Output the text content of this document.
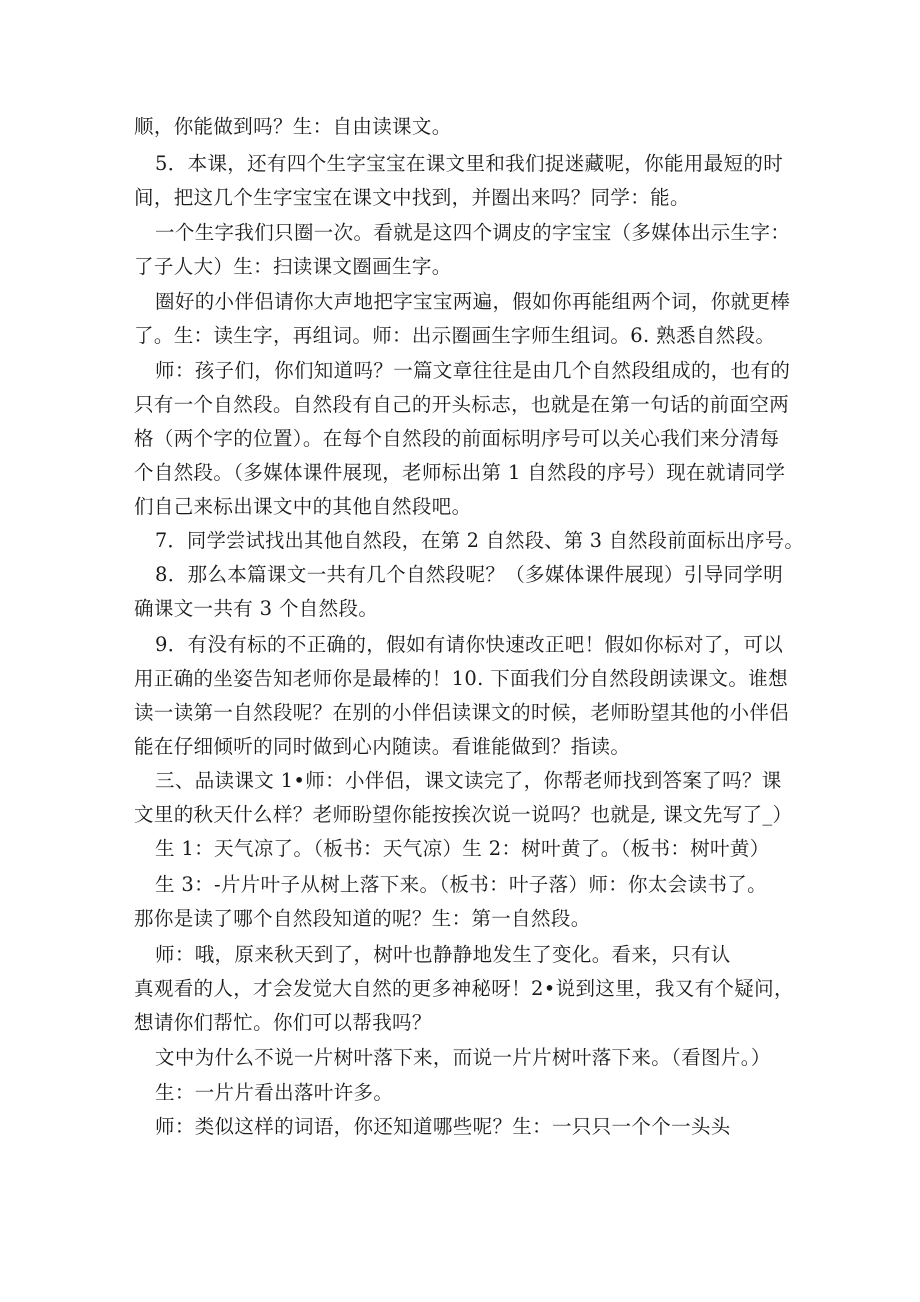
顺，你能做到吗？生：自由读课文。
5．本课，还有四个生字宝宝在课文里和我们捉迷藏呢，你能用最短的时
间，把这几个生字宝宝在课文中找到，并圈出来吗？同学：能。
一个生字我们只圈一次。看就是这四个调皮的字宝宝（多媒体出示生字：
了子人大）生：扫读课文圈画生字。
圈好的小伴侣请你大声地把字宝宝两遍，假如你再能组两个词，你就更棒
了。生：读生字，再组词。师：出示圈画生字师生组词。6. 熟悉自然段。
师：孩子们，你们知道吗？一篇文章往往是由几个自然段组成的，也有的
只有一个自然段。自然段有自己的开头标志，也就是在第一句话的前面空两
格（两个字的位置）。在每个自然段的前面标明序号可以关心我们来分清每
个自然段。（多媒体课件展现，老师标出第 1 自然段的序号）现在就请同学
们自己来标出课文中的其他自然段吧。
7．同学尝试找出其他自然段，在第 2 自然段、第 3 自然段前面标出序号。
8．那么本篇课文一共有几个自然段呢？（多媒体课件展现）引导同学明
确课文一共有 3 个自然段。
9．有没有标的不正确的，假如有请你快速改正吧！假如你标对了，可以
用正确的坐姿告知老师你是最棒的！10. 下面我们分自然段朗读课文。谁想
读一读第一自然段呢？在别的小伴侣读课文的时候，老师盼望其他的小伴侣
能在仔细倾听的同时做到心内随读。看谁能做到？指读。
三、品读课文 1•师：小伴侣，课文读完了，你帮老师找到答案了吗？课
文里的秋天什么样？老师盼望你能按挨次说一说吗？也就是, 课文先写了_）
生 1：天气凉了。（板书：天气凉）生 2：树叶黄了。（板书：树叶黄）
生 3：-片片叶子从树上落下来。（板书：叶子落）师：你太会读书了。
那你是读了哪个自然段知道的呢？生：第一自然段。
师：哦，原来秋天到了，树叶也静静地发生了变化。看来，只有认
真观看的人，才会发觉大自然的更多神秘呀！2•说到这里，我又有个疑问，
想请你们帮忙。你们可以帮我吗？
文中为什么不说一片树叶落下来，而说一片片树叶落下来。（看图片。）
生：一片片看出落叶许多。
师：类似这样的词语，你还知道哪些呢？生：一只只一个个一头头
